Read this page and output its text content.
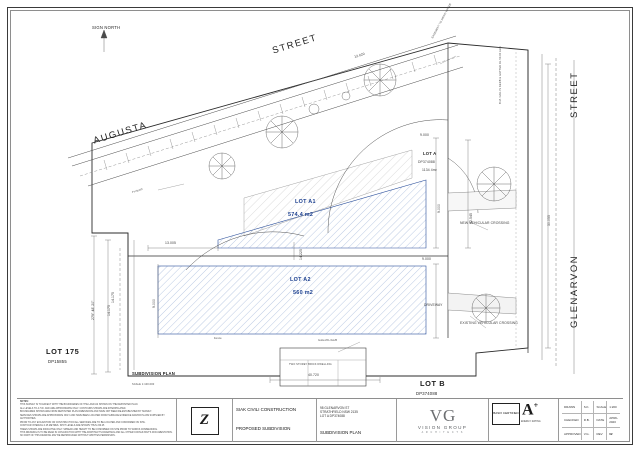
SIGN NORTH
STREET
AUGUSTA
STREET
GLENARVON
LOT A1
574.4 m2
LOT A2
560 m2
LOT A
DP374088
1134 4m²
LOT 175
DP15855
LOT B
DP374088
NEW VEHICULAR CROSSING
EXISTING VEHICULAR CROSSING
DRIVEWAY
TWO STOREY BRICK DWELLING
Fence
Gutter/KL/GL/B
Footpath
279° 48' 20"	14.175
14.175
30.055
32.545
40.720
13.005
9.000
9.000
9.000
9.000
14.225
12.020
EASEMENT TO DRAIN WATER
B.M. NAIL IN KERB & GUTTER RL 50.00 AHD
SUBDIVISION PLAN
SCALE 1:100.000
NOTES:
THIS SURVEY IS TO EFFECT WITH THE BOUNDARIES OF THE LAND AS SHOWN ON THE DEPOSITED PLAN.
ALL LEVELS TO A.H.D. AND ARE APPROXIMATE ONLY. CONTOURS SHOWN ARE INTERPOLATED.
BOUNDARIES SHOWN ARE FROM DEPOSITED PLAN DIMENSIONS AND HAVE NOT BEEN RE-ESTABLISHED BY SURVEY.
SERVICES SHOWN ARE APPROXIMATE ONLY AND HAVE BEEN LOCATED FROM SURFACE EVIDENCE AND/OR PLANS SUPPLIED BY AUTHORITIES.
PRIOR TO ANY EXCAVATION OR CONSTRUCTION ALL SERVICES ARE TO BE LOCATED AND CONFIRMED ON SITE.
CONTOUR INTERVAL 0.25 METRES. SPOT LEVELS ARE SHOWN THUS x50.25
TREES SHOWN ARE INDICATIVE ONLY. SPREAD AND HEIGHT TO BE CONFIRMED ON SITE PRIOR TO WORKS COMMENCING.
THIS DRAWING IS TO BE READ IN CONJUNCTION WITH THE ARCHITECT'S DRAWINGS AND ALL OTHER CONSULTANT'S DOCUMENTATION.
NO PART OF THIS DRAWING MAY BE REPRODUCED WITHOUT WRITTEN PERMISSION.
Z
SIAK CIVILI CONSTRUCTION
PROPOSED SUBDIVISION
98 GLENARVON ST
STRATHFIELD NSW 2135
LOT A DP374088
SUBDIVISION PLAN
V G
VISION GROUP
A R C H I T E C T S
BASIX CERTIFIED A+
ENERGY RATING
DRAWN	S.K.	SCALE 1:200
CHECKED	R.B.	DATE	APRIL 2020
APPROVED	V.G.	REV	02
